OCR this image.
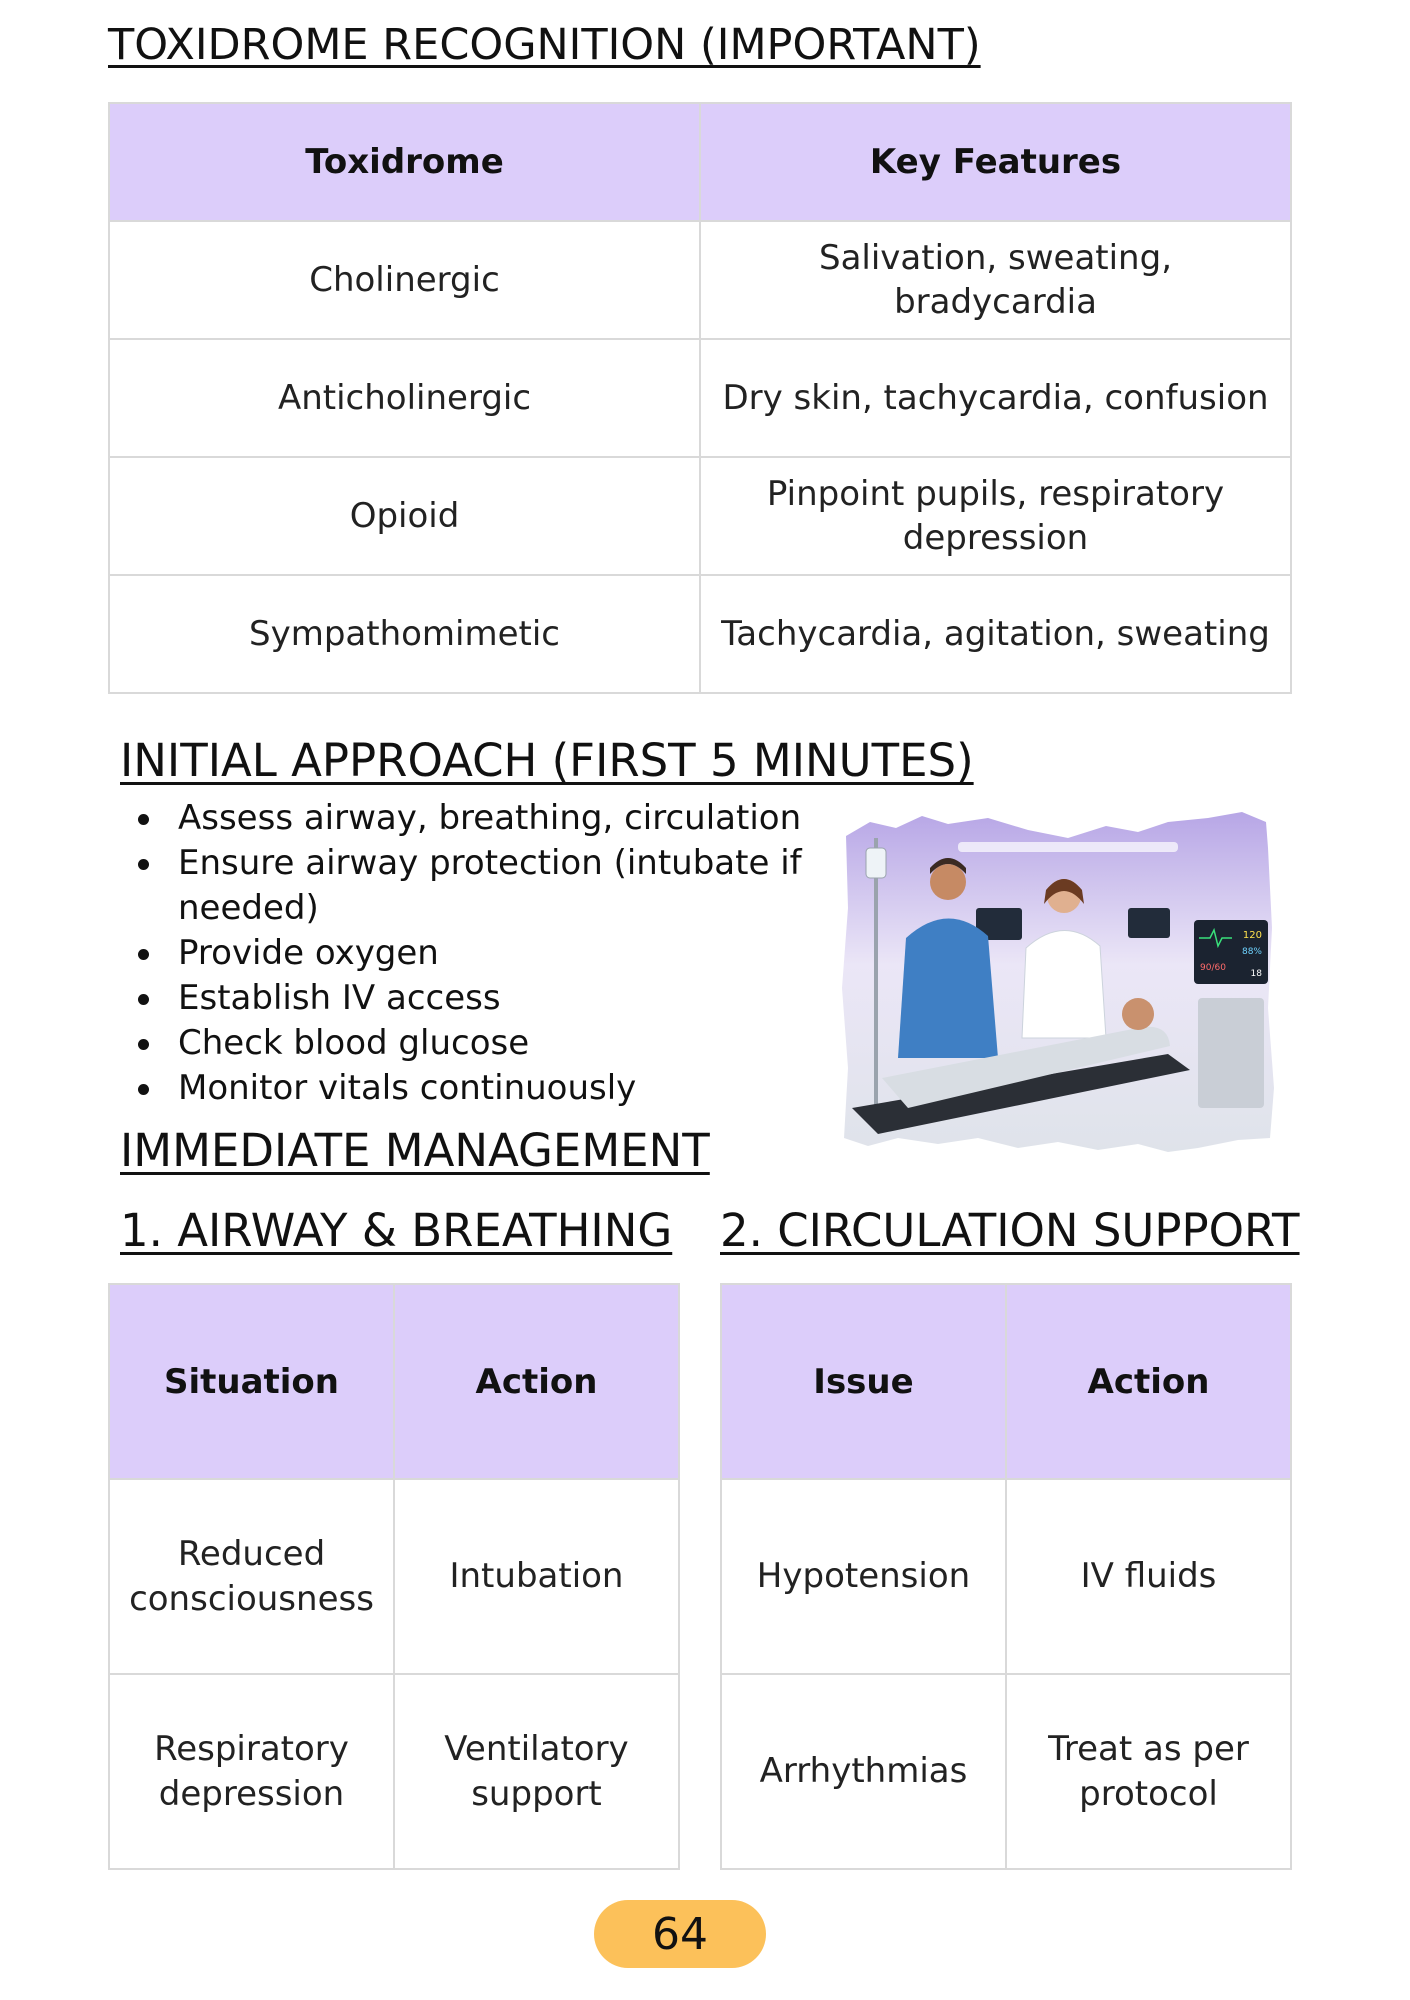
TOXIDROME RECOGNITION (IMPORTANT)
Toxidrome	Key Features
Cholinergic	Salivation, sweating, bradycardia
Anticholinergic	Dry skin, tachycardia, confusion
Opioid	Pinpoint pupils, respiratory depression
Sympathomimetic	Tachycardia, agitation, sweating
INITIAL APPROACH (FIRST 5 MINUTES)
Assess airway, breathing, circulation
Ensure airway protection (intubate if needed)
Provide oxygen
Establish IV access
Check blood glucose
Monitor vitals continuously
120
88%
90/60
18
IMMEDIATE MANAGEMENT
1. AIRWAY & BREATHING 2. CIRCULATION SUPPORT
Situation	Action
Reduced consciousness	Intubation
Respiratory depression	Ventilatory support
Issue	Action
Hypotension	IV fluids
Arrhythmias	Treat as per protocol
64
